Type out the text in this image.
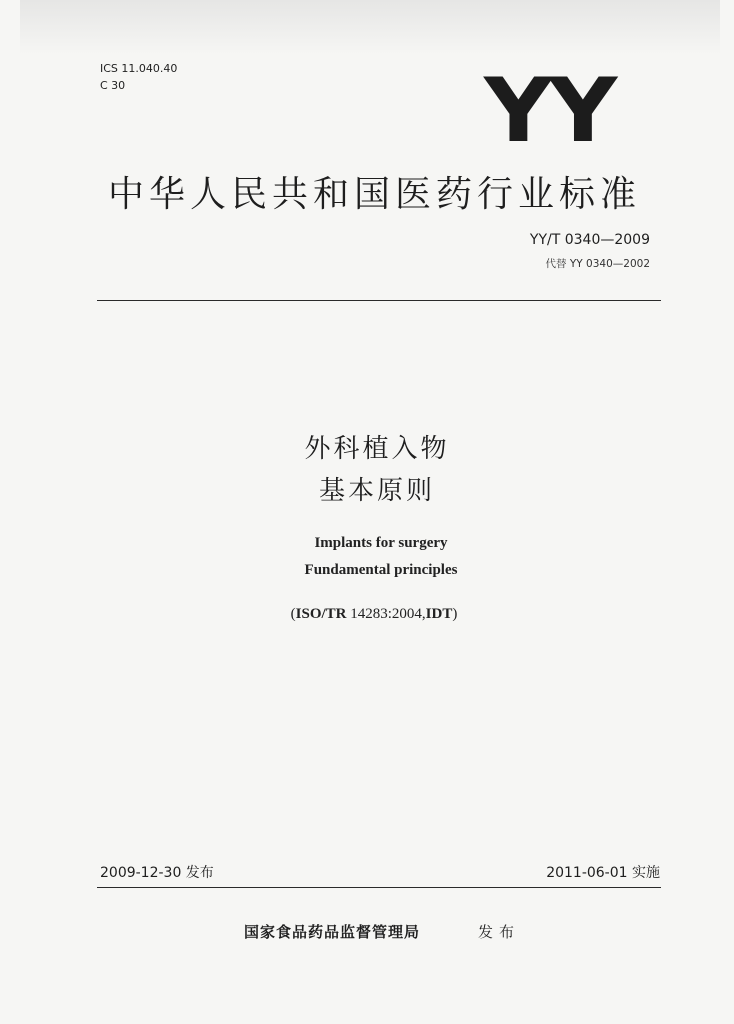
ICS 11.040.40
C 30	YY
中华人民共和国医药行业标准
YY/T 0340—2009
代替 YY 0340—2002
外科植入物
基本原则
Implants for surgery
Fundamental principles
(ISO/TR 14283:2004,IDT)
2009-12-30 发布	2011-06-01 实施
国家食品药品监督管理局	发布
